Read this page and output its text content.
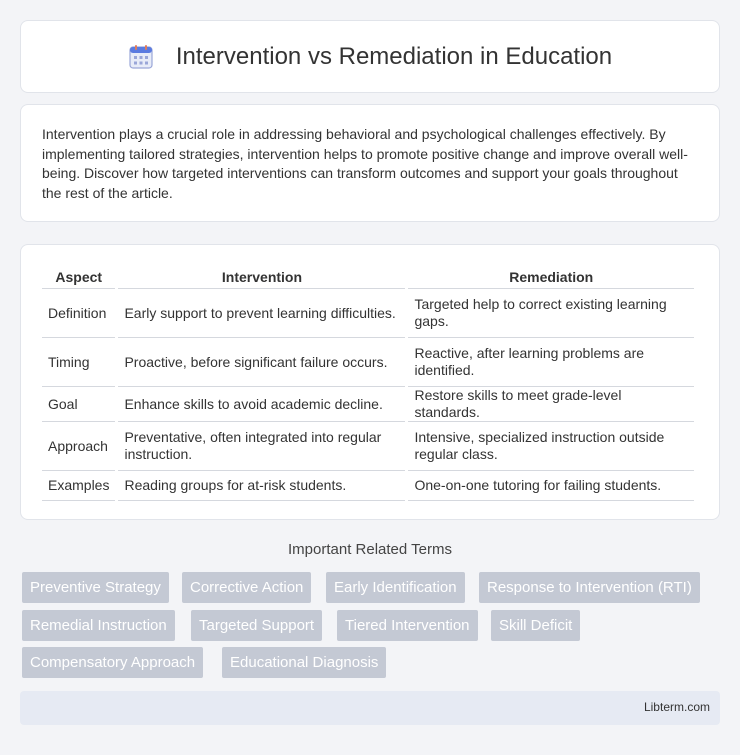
Intervention vs Remediation in Education

Intervention plays a crucial role in addressing behavioral and psychological challenges effectively. By implementing tailored strategies, intervention helps to promote positive change and improve overall well-being. Discover how targeted interventions can transform outcomes and support your goals throughout the rest of the article.

Aspect	Intervention	Remediation
Definition	Early support to prevent learning difficulties.	Targeted help to correct existing learning gaps.
Timing	Proactive, before significant failure occurs.	Reactive, after learning problems are identified.
Goal	Enhance skills to avoid academic decline.	Restore skills to meet grade-level standards.
Approach	Preventative, often integrated into regular instruction.	Intensive, specialized instruction outside regular class.
Examples	Reading groups for at-risk students.	One-on-one tutoring for failing students.
Important Related Terms
Preventive Strategy	Corrective Action	Early Identification	Response to Intervention (RTI)
Remedial Instruction	Targeted Support	Tiered Intervention	Skill Deficit
Compensatory Approach	Educational Diagnosis
Libterm.com
